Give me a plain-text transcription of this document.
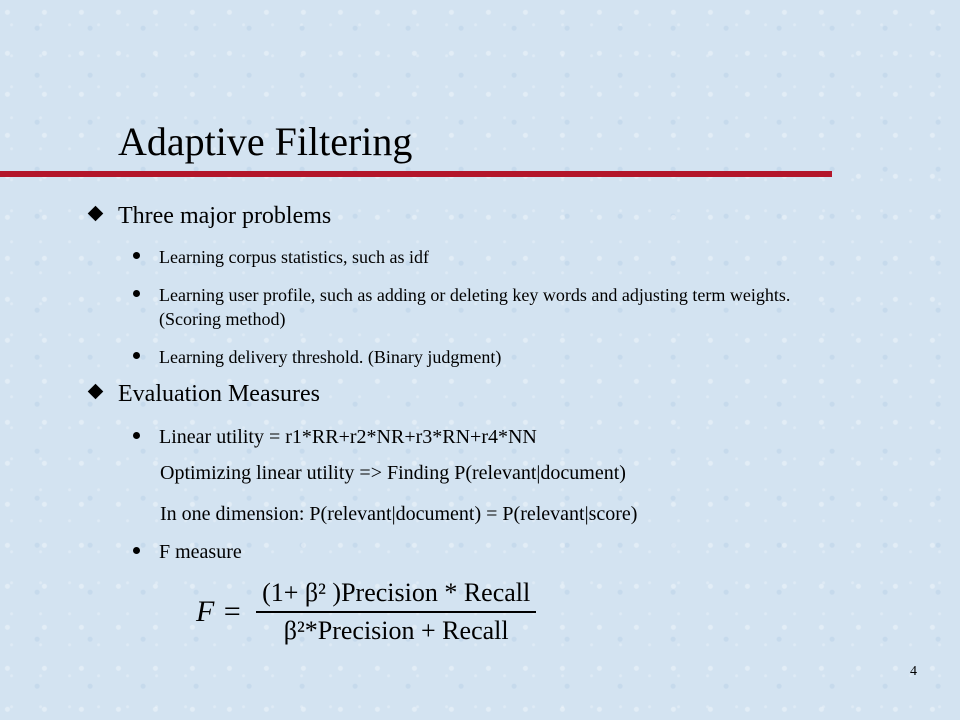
Adaptive Filtering
Three major problems
Learning corpus statistics, such as idf
Learning user profile, such as adding or deleting key words and adjusting term weights. (Scoring method)
Learning delivery threshold. (Binary judgment)
Evaluation Measures
Linear utility = r1*RR+r2*NR+r3*RN+r4*NN
Optimizing linear utility => Finding P(relevant|document)
In one dimension: P(relevant|document) = P(relevant|score)
F measure
$F = \frac{\text{(1+ β² )Precision * Recall}}{\text{β²*Precision + Recall}}$
4
